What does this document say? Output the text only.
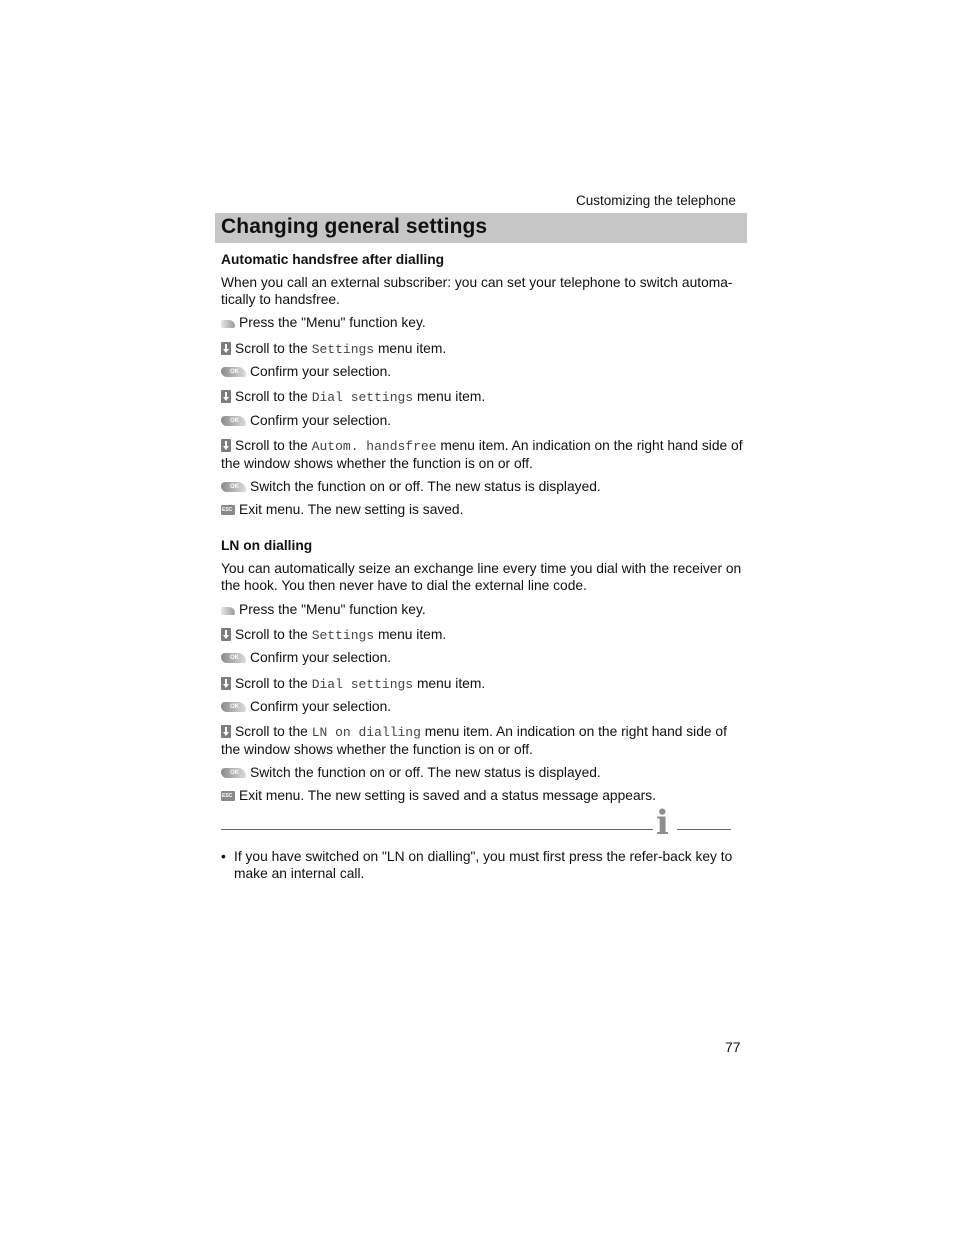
Customizing the telephone
Changing general settings

Automatic handsfree after dialling

When you call an external subscriber: you can set your telephone to switch automa-tically to handsfree.

Press the "Menu" function key.

Scroll to the Settings menu item.

OKConfirm your selection.

Scroll to the Dial settings menu item.

OKConfirm your selection.

Scroll to the Autom. handsfree menu item. An indication on the right hand side of the window shows whether the function is on or off.

OKSwitch the function on or off. The new status is displayed.

ESCExit menu. The new setting is saved.

LN on dialling

You can automatically seize an exchange line every time you dial with the receiver on the hook. You then never have to dial the external line code.

Press the "Menu" function key.

Scroll to the Settings menu item.

OKConfirm your selection.

Scroll to the Dial settings menu item.

OKConfirm your selection.

Scroll to the LN on dialling menu item. An indication on the right hand side of the window shows whether the function is on or off.

OKSwitch the function on or off. The new status is displayed.

ESCExit menu. The new setting is saved and a status message appears.

i
• If you have switched on "LN on dialling", you must first press the refer-back key to make an internal call.
77
